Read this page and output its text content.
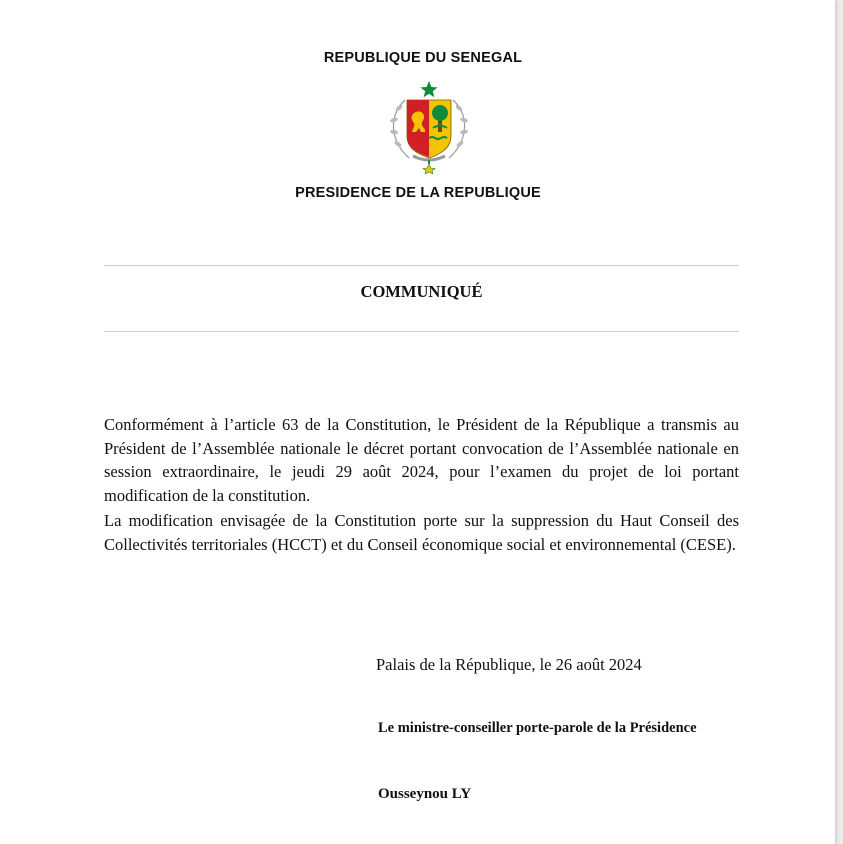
REPUBLIQUE DU SENEGAL
PRESIDENCE DE LA REPUBLIQUE
COMMUNIQUÉ

Conformément à l’article 63 de la Constitution, le Président de la République a transmis au Président de l’Assemblée nationale le décret portant convocation de l’Assemblée nationale en session extraordinaire, le jeudi 29 août 2024, pour l’examen du projet de loi portant modification de la constitution.

La modification envisagée de la Constitution porte sur la suppression du Haut Conseil des Collectivités territoriales (HCCT) et du Conseil économique social et environnemental (CESE).

Palais de la République, le 26 août 2024
Le ministre-conseiller porte-parole de la Présidence
Ousseynou LY
